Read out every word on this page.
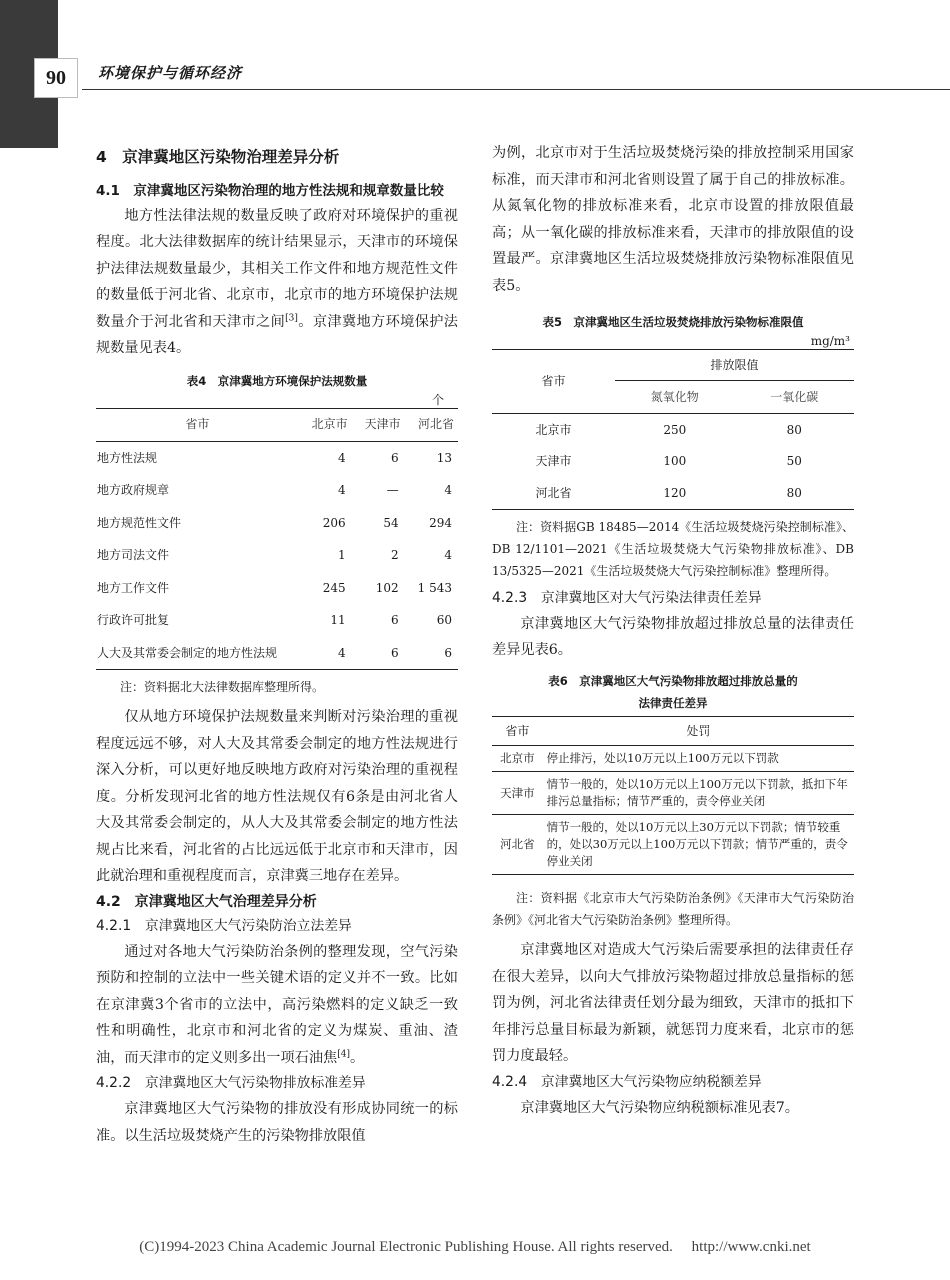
90	环境保护与循环经济
4　京津冀地区污染物治理差异分析
4.1　京津冀地区污染物治理的地方性法规和规章数量比较

地方性法律法规的数量反映了政府对环境保护的重视程度。北大法律数据库的统计结果显示，天津市的环境保护法律法规数量最少，其相关工作文件和地方规范性文件的数量低于河北省、北京市，北京市的地方环境保护法规数量介于河北省和天津市之间[3]。京津冀地方环境保护法规数量见表4。

表4　京津冀地方环境保护法规数量
个
省市	北京市	天津市	河北省
地方性法规	4	6	13
地方政府规章	4	—	4
地方规范性文件	206	54	294
地方司法文件	1	2	4
地方工作文件	245	102	1 543
行政许可批复	11	6	60
人大及其常委会制定的地方性法规	4	6	6
注：资料据北大法律数据库整理所得。

仅从地方环境保护法规数量来判断对污染治理的重视程度远远不够，对人大及其常委会制定的地方性法规进行深入分析，可以更好地反映地方政府对污染治理的重视程度。分析发现河北省的地方性法规仅有6条是由河北省人大及其常委会制定的，从人大及其常委会制定的地方性法规占比来看，河北省的占比远远低于北京市和天津市，因此就治理和重视程度而言，京津冀三地存在差异。

4.2　京津冀地区大气治理差异分析
4.2.1　京津冀地区大气污染防治立法差异

通过对各地大气污染防治条例的整理发现，空气污染预防和控制的立法中一些关键术语的定义并不一致。比如在京津冀3个省市的立法中，高污染燃料的定义缺乏一致性和明确性，北京市和河北省的定义为煤炭、重油、渣油，而天津市的定义则多出一项石油焦[4]。

4.2.2　京津冀地区大气污染物排放标准差异

京津冀地区大气污染物的排放没有形成协同统一的标准。以生活垃圾焚烧产生的污染物排放限值

为例，北京市对于生活垃圾焚烧污染的排放控制采用国家标准，而天津市和河北省则设置了属于自己的排放标准。从氮氧化物的排放标准来看，北京市设置的排放限值最高；从一氧化碳的排放标准来看，天津市的排放限值的设置最严。京津冀地区生活垃圾焚烧排放污染物标准限值见表5。

表5　京津冀地区生活垃圾焚烧排放污染物标准限值
mg/m³
省市	排放限值	
	氮氧化物	一氧化碳
北京市	250	80
天津市	100	50
河北省	120	80
注：资料据GB 18485—2014《生活垃圾焚烧污染控制标准》、DB 12/1101—2021《生活垃圾焚烧大气污染物排放标准》、DB 13/5325—2021《生活垃圾焚烧大气污染控制标准》整理所得。
4.2.3　京津冀地区对大气污染法律责任差异

京津冀地区大气污染物排放超过排放总量的法律责任差异见表6。

表6　京津冀地区大气污染物排放超过排放总量的
法律责任差异
省市	处罚
北京市	停止排污，处以10万元以上100万元以下罚款
天津市	情节一般的，处以10万元以上100万元以下罚款，抵扣下年排污总量指标；情节严重的，责令停业关闭
河北省	情节一般的，处以10万元以上30万元以下罚款；情节较重的，处以30万元以上100万元以下罚款；情节严重的，责令停业关闭
注：资料据《北京市大气污染防治条例》《天津市大气污染防治条例》《河北省大气污染防治条例》整理所得。

京津冀地区对造成大气污染后需要承担的法律责任存在很大差异，以向大气排放污染物超过排放总量指标的惩罚为例，河北省法律责任划分最为细致，天津市的抵扣下年排污总量目标最为新颖，就惩罚力度来看，北京市的惩罚力度最轻。

4.2.4　京津冀地区大气污染物应纳税额差异

京津冀地区大气污染物应纳税额标准见表7。

(C)1994-2023 China Academic Journal Electronic Publishing House. All rights reserved.　 http://www.cnki.net
